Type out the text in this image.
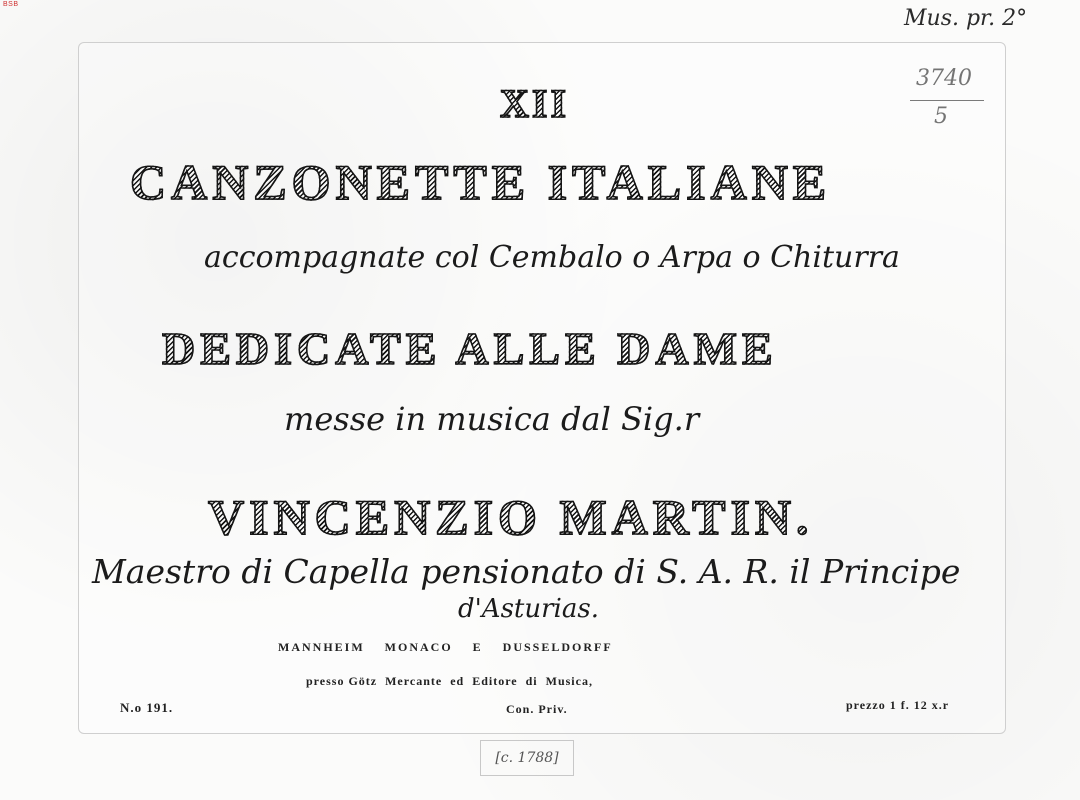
BSB
Mus. pr. 2°
3740
5
XII
CANZONETTE ITALIANE
accompagnate col Cembalo o Arpa o Chiturra
DEDICATE ALLE DAME
messe in musica dal Sig.r
VINCENZIO MARTIN.
Maestro di Capella pensionato di S. A. R. il Principe
d'Asturias.
MANNHEIM    MONACO    E    DUSSELDORFF
presso Götz  Mercante  ed  Editore  di  Musica,
N.o 191.	Con. Priv.	prezzo 1 f. 12 x.r
[c. 1788]
